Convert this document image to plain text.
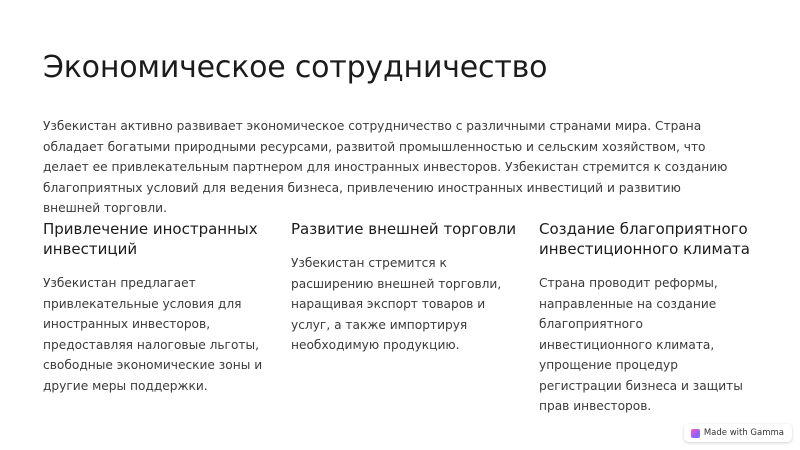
Экономическое сотрудничество

Узбекистан активно развивает экономическое сотрудничество с различными странами мира. Страна обладает богатыми природными ресурсами, развитой промышленностью и сельским хозяйством, что делает ее привлекательным партнером для иностранных инвесторов. Узбекистан стремится к созданию благоприятных условий для ведения бизнеса, привлечению иностранных инвестиций и развитию внешней торговли.

Привлечение иностранных инвестиций

Узбекистан предлагает привлекательные условия для иностранных инвесторов, предоставляя налоговые льготы, свободные экономические зоны и другие меры поддержки.

Развитие внешней торговли

Узбекистан стремится к расширению внешней торговли, наращивая экспорт товаров и услуг, а также импортируя необходимую продукцию.

Создание благоприятного инвестиционного климата

Страна проводит реформы, направленные на создание благоприятного инвестиционного климата, упрощение процедур регистрации бизнеса и защиты прав инвесторов.

Made with Gamma
